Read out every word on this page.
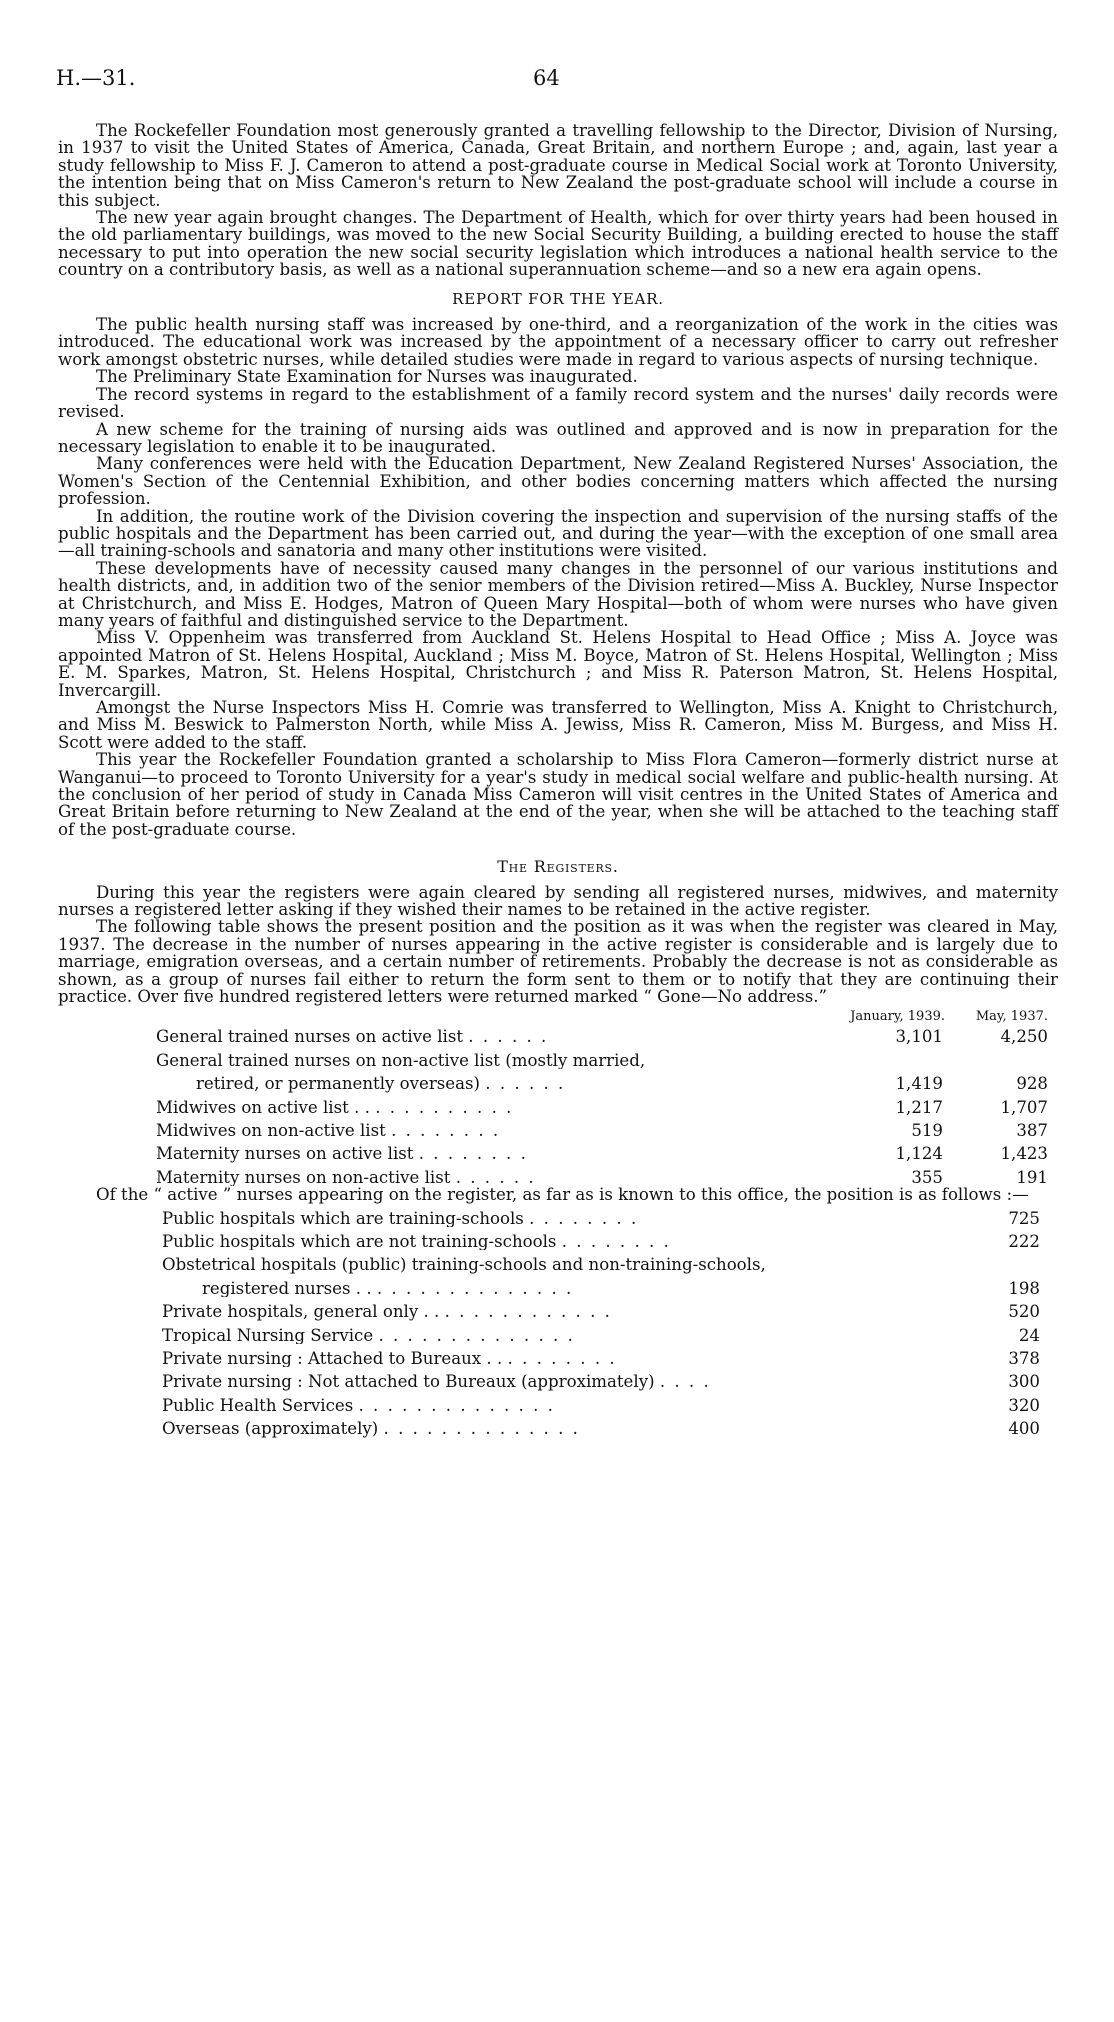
H.—31.	64

The Rockefeller Foundation most generously granted a travelling fellowship to the Director, Division of Nursing, in 1937 to visit the United States of America, Canada, Great Britain, and northern Europe ; and, again, last year a study fellowship to Miss F. J. Cameron to attend a post-graduate course in Medical Social work at Toronto University, the intention being that on Miss Cameron's return to New Zealand the post-graduate school will include a course in this subject.

The new year again brought changes. The Department of Health, which for over thirty years had been housed in the old parliamentary buildings, was moved to the new Social Security Building, a building erected to house the staff necessary to put into operation the new social security legislation which introduces a national health service to the country on a contributory basis, as well as a national superannuation scheme—and so a new era again opens.

REPORT FOR THE YEAR.

The public health nursing staff was increased by one-third, and a reorganization of the work in the cities was introduced. The educational work was increased by the appointment of a necessary officer to carry out refresher work amongst obstetric nurses, while detailed studies were made in regard to various aspects of nursing technique.

The Preliminary State Examination for Nurses was inaugurated.

The record systems in regard to the establishment of a family record system and the nurses' daily records were revised.

A new scheme for the training of nursing aids was outlined and approved and is now in preparation for the necessary legislation to enable it to be inaugurated.

Many conferences were held with the Education Department, New Zealand Registered Nurses' Association, the Women's Section of the Centennial Exhibition, and other bodies concerning matters which affected the nursing profession.

In addition, the routine work of the Division covering the inspection and supervision of the nursing staffs of the public hospitals and the Department has been carried out, and during the year—with the exception of one small area—all training-schools and sanatoria and many other institutions were visited.

These developments have of necessity caused many changes in the personnel of our various institutions and health districts, and, in addition two of the senior members of the Division retired—Miss A. Buckley, Nurse Inspector at Christchurch, and Miss E. Hodges, Matron of Queen Mary Hospital—both of whom were nurses who have given many years of faithful and distinguished service to the Department.

Miss V. Oppenheim was transferred from Auckland St. Helens Hospital to Head Office ; Miss A. Joyce was appointed Matron of St. Helens Hospital, Auckland ; Miss M. Boyce, Matron of St. Helens Hospital, Wellington ; Miss E. M. Sparkes, Matron, St. Helens Hospital, Christchurch ; and Miss R. Paterson Matron, St. Helens Hospital, Invercargill.

Amongst the Nurse Inspectors Miss H. Comrie was transferred to Wellington, Miss A. Knight to Christchurch, and Miss M. Beswick to Palmerston North, while Miss A. Jewiss, Miss R. Cameron, Miss M. Burgess, and Miss H. Scott were added to the staff.

This year the Rockefeller Foundation granted a scholarship to Miss Flora Cameron—formerly district nurse at Wanganui—to proceed to Toronto University for a year's study in medical social welfare and public-health nursing. At the conclusion of her period of study in Canada Miss Cameron will visit centres in the United States of America and Great Britain before returning to New Zealand at the end of the year, when she will be attached to the teaching staff of the post-graduate course.

The Registers.

During this year the registers were again cleared by sending all registered nurses, midwives, and maternity nurses a registered letter asking if they wished their names to be retained in the active register.

The following table shows the present position and the position as it was when the register was cleared in May, 1937. The decrease in the number of nurses appearing in the active register is considerable and is largely due to marriage, emigration overseas, and a certain number of retirements. Probably the decrease is not as considerable as shown, as a group of nurses fail either to return the form sent to them or to notify that they are continuing their practice. Over five hundred registered letters were returned marked “ Gone—No address.”

January, 1939.	May, 1937.
General trained nurses on active list . . . . . .	3,101	4,250
General trained nurses on non-active list (mostly married,
retired, or permanently overseas) . . . . . .	1,419	928
Midwives on active list . . . . . . . . . . . .	1,217	1,707
Midwives on non-active list . . . . . . . .	519	387
Maternity nurses on active list . . . . . . . .	1,124	1,423
Maternity nurses on non-active list . . . . . .	355	191

Of the “ active ” nurses appearing on the register, as far as is known to this office, the position is as follows :—

Public hospitals which are training-schools . . . . . . . .	725
Public hospitals which are not training-schools . . . . . . . .	222
Obstetrical hospitals (public) training-schools and non-training-schools,
registered nurses . . . . . . . . . . . . . . . .	198
Private hospitals, general only . . . . . . . . . . . . . .	520
Tropical Nursing Service . . . . . . . . . . . . . .	24
Private nursing : Attached to Bureaux . . . . . . . . . .	378
Private nursing : Not attached to Bureaux (approximately) . . . .	300
Public Health Services . . . . . . . . . . . . . .	320
Overseas (approximately) . . . . . . . . . . . . . .	400
